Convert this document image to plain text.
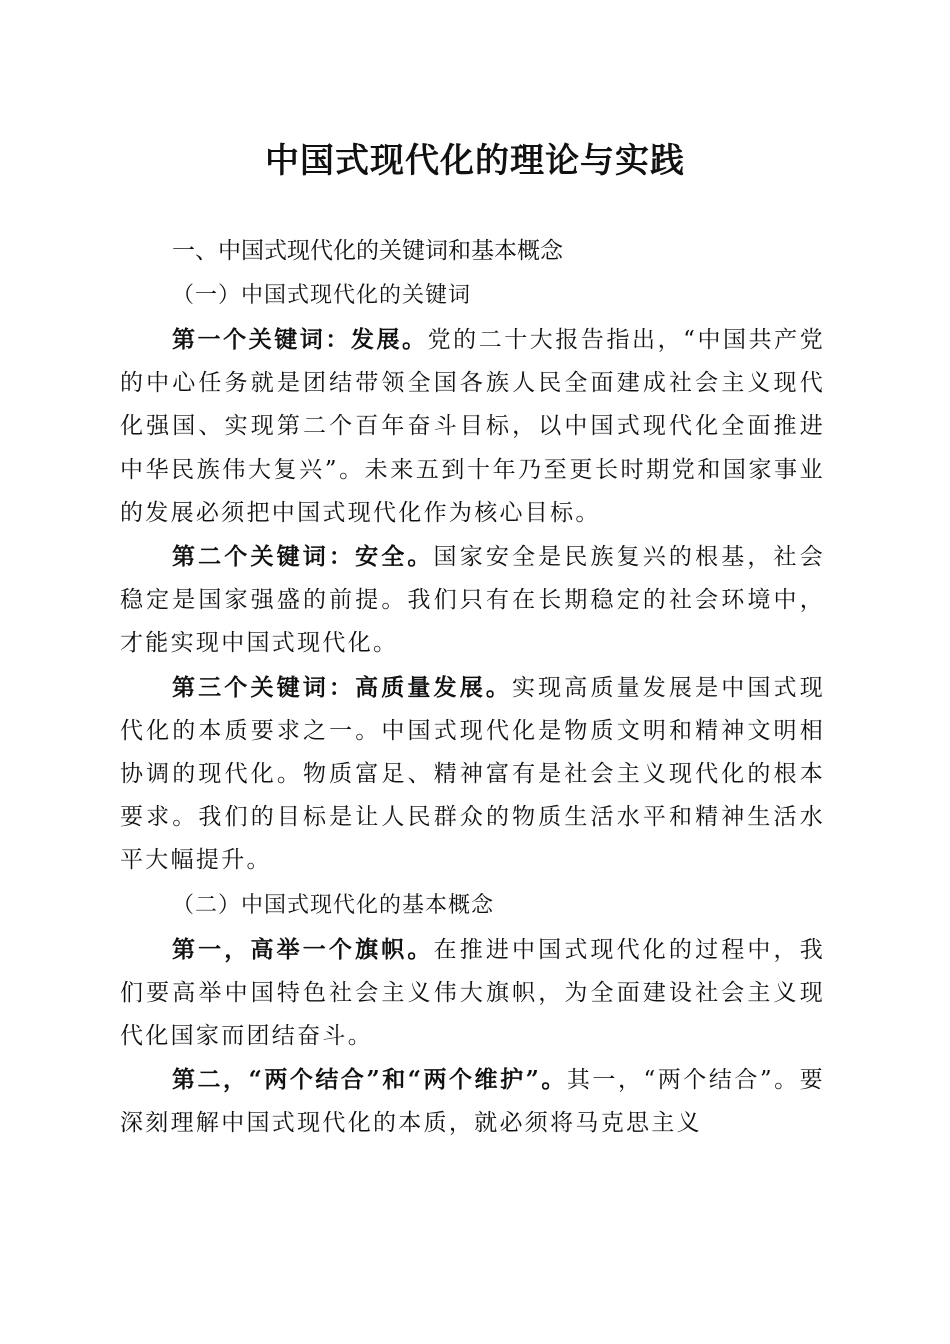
中国式现代化的理论与实践

一、中国式现代化的关键词和基本概念

（一）中国式现代化的关键词

第一个关键词：发展。党的二十大报告指出，“中国共产党的中心任务就是团结带领全国各族人民全面建成社会主义现代化强国、实现第二个百年奋斗目标，以中国式现代化全面推进中华民族伟大复兴”。未来五到十年乃至更长时期党和国家事业的发展必须把中国式现代化作为核心目标。

第二个关键词：安全。国家安全是民族复兴的根基，社会稳定是国家强盛的前提。我们只有在长期稳定的社会环境中，才能实现中国式现代化。

第三个关键词：高质量发展。实现高质量发展是中国式现代化的本质要求之一。中国式现代化是物质文明和精神文明相协调的现代化。物质富足、精神富有是社会主义现代化的根本要求。我们的目标是让人民群众的物质生活水平和精神生活水平大幅提升。

（二）中国式现代化的基本概念

第一，高举一个旗帜。在推进中国式现代化的过程中，我们要高举中国特色社会主义伟大旗帜，为全面建设社会主义现代化国家而团结奋斗。

第二，“两个结合”和“两个维护”。其一，“两个结合”。要深刻理解中国式现代化的本质，就必须将马克思主义
